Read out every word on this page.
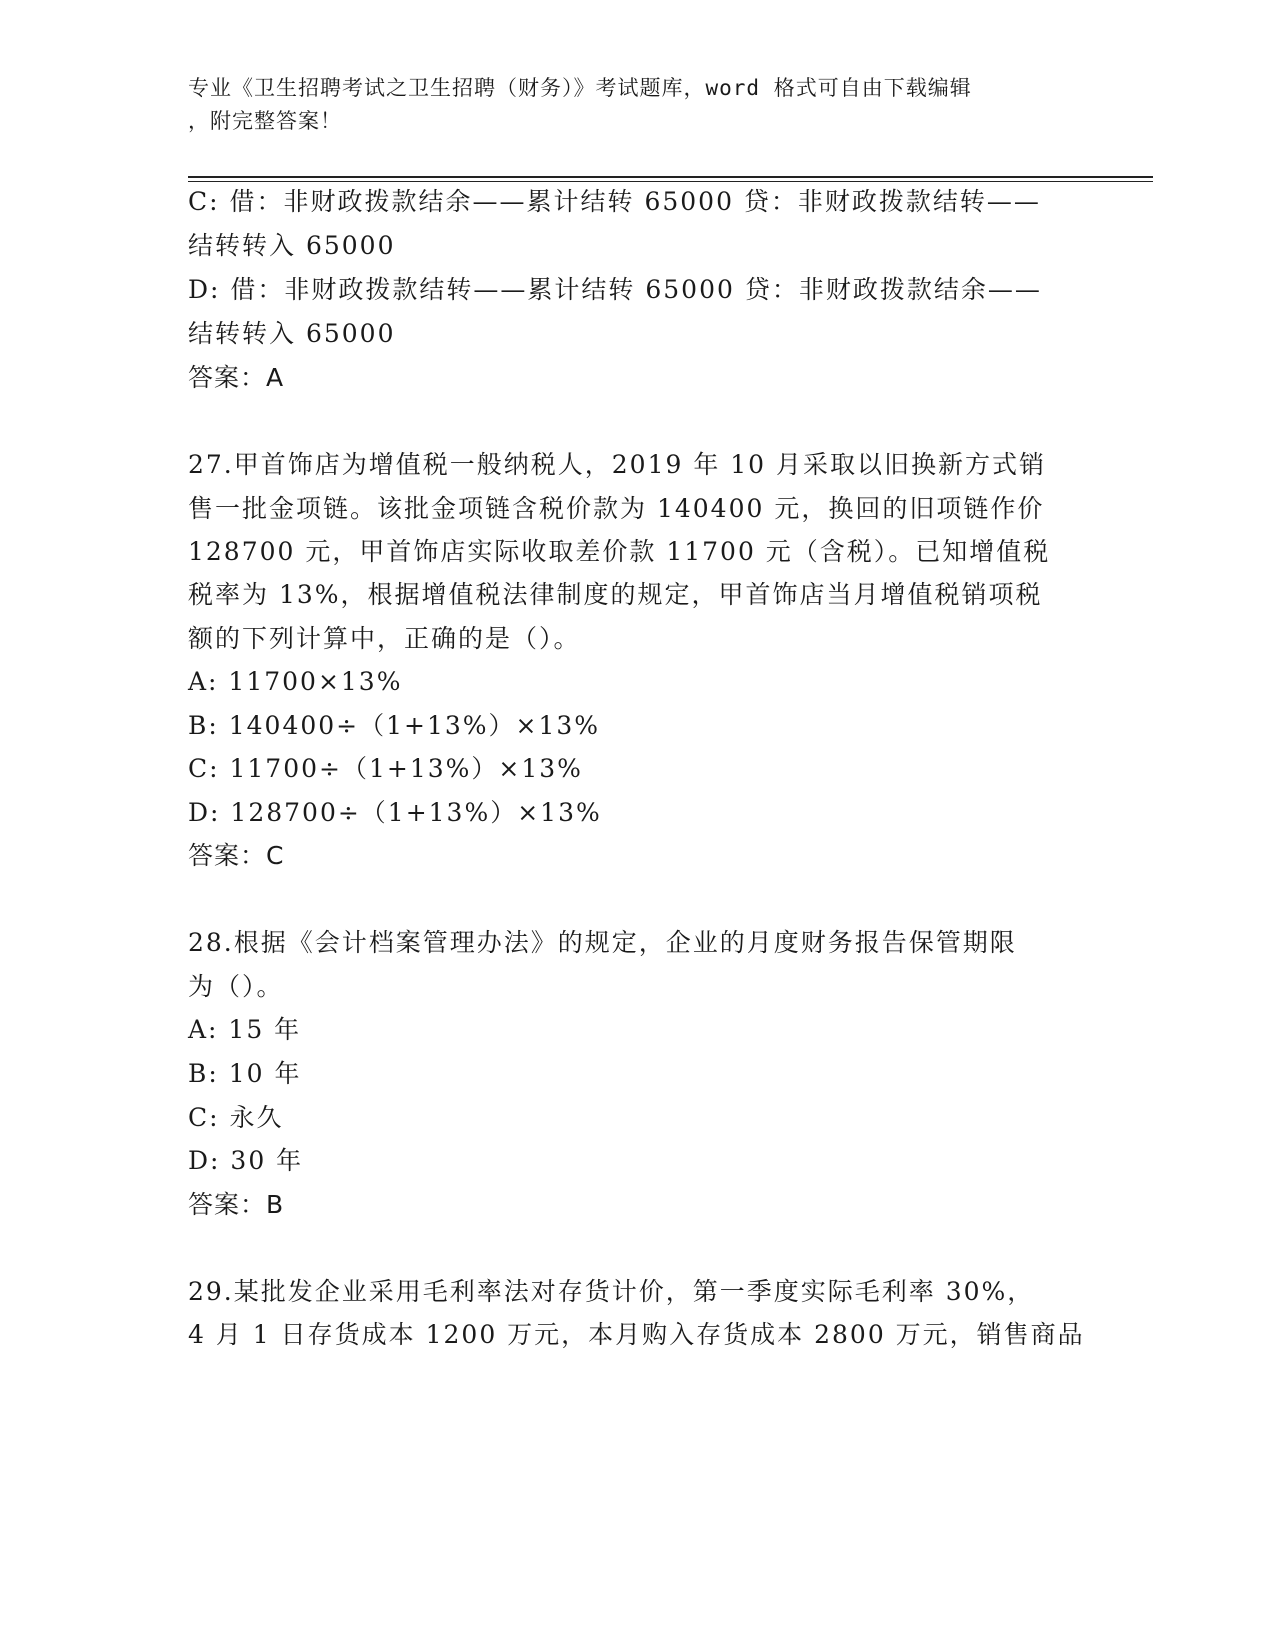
专业《卫生招聘考试之卫生招聘（财务）》考试题库，word 格式可自由下载编辑
，附完整答案！
C: 借：非财政拨款结余——累计结转 65000 贷：非财政拨款结转——
结转转入 65000
D: 借：非财政拨款结转——累计结转 65000 贷：非财政拨款结余——
结转转入 65000
答案：A
27.甲首饰店为增值税一般纳税人，2019 年 10 月采取以旧换新方式销
售一批金项链。该批金项链含税价款为 140400 元，换回的旧项链作价
128700 元，甲首饰店实际收取差价款 11700 元（含税）。已知增值税
税率为 13%，根据增值税法律制度的规定，甲首饰店当月增值税销项税
额的下列计算中，正确的是（）。
A: 11700×13%
B: 140400÷（1+13%）×13%
C: 11700÷（1+13%）×13%
D: 128700÷（1+13%）×13%
答案：C
28.根据《会计档案管理办法》的规定，企业的月度财务报告保管期限
为（）。
A: 15 年
B: 10 年
C: 永久
D: 30 年
答案：B
29.某批发企业采用毛利率法对存货计价，第一季度实际毛利率 30%，
4 月 1 日存货成本 1200 万元，本月购入存货成本 2800 万元，销售商品
